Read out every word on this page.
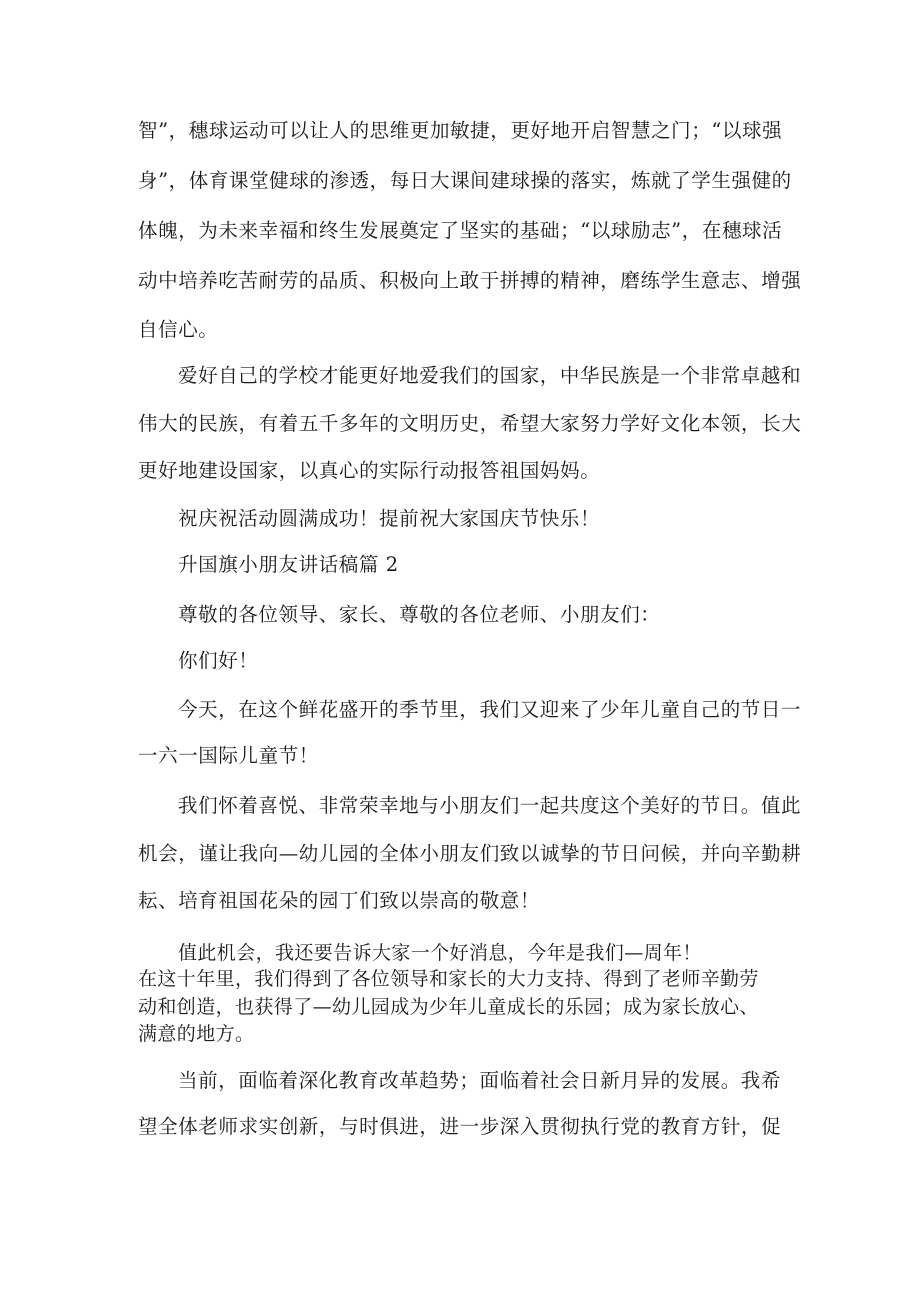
智”，穗球运动可以让人的思维更加敏捷，更好地开启智慧之门；“以球强
身”，体育课堂健球的渗透，每日大课间建球操的落实，炼就了学生强健的
体魄，为未来幸福和终生发展奠定了坚实的基础；“以球励志”，在穗球活
动中培养吃苦耐劳的品质、积极向上敢于拼搏的精神，磨练学生意志、增强
自信心。
爱好自己的学校才能更好地爱我们的国家，中华民族是一个非常卓越和
伟大的民族，有着五千多年的文明历史，希望大家努力学好文化本领，长大
更好地建设国家，以真心的实际行动报答祖国妈妈。
祝庆祝活动圆满成功！提前祝大家国庆节快乐！
升国旗小朋友讲话稿篇 2
尊敬的各位领导、家长、尊敬的各位老师、小朋友们：
你们好！
今天，在这个鲜花盛开的季节里，我们又迎来了少年儿童自己的节日一
一六一国际儿童节！
我们怀着喜悦、非常荣幸地与小朋友们一起共度这个美好的节日。值此
机会，谨让我向—幼儿园的全体小朋友们致以诚挚的节日问候，并向辛勤耕
耘、培育祖国花朵的园丁们致以崇高的敬意！
值此机会，我还要告诉大家一个好消息，今年是我们—周年！
在这十年里，我们得到了各位领导和家长的大力支持、得到了老师辛勤劳
动和创造，也获得了—幼儿园成为少年儿童成长的乐园；成为家长放心、
满意的地方。
当前，面临着深化教育改革趋势；面临着社会日新月异的发展。我希
望全体老师求实创新，与时俱进，进一步深入贯彻执行党的教育方针，促
